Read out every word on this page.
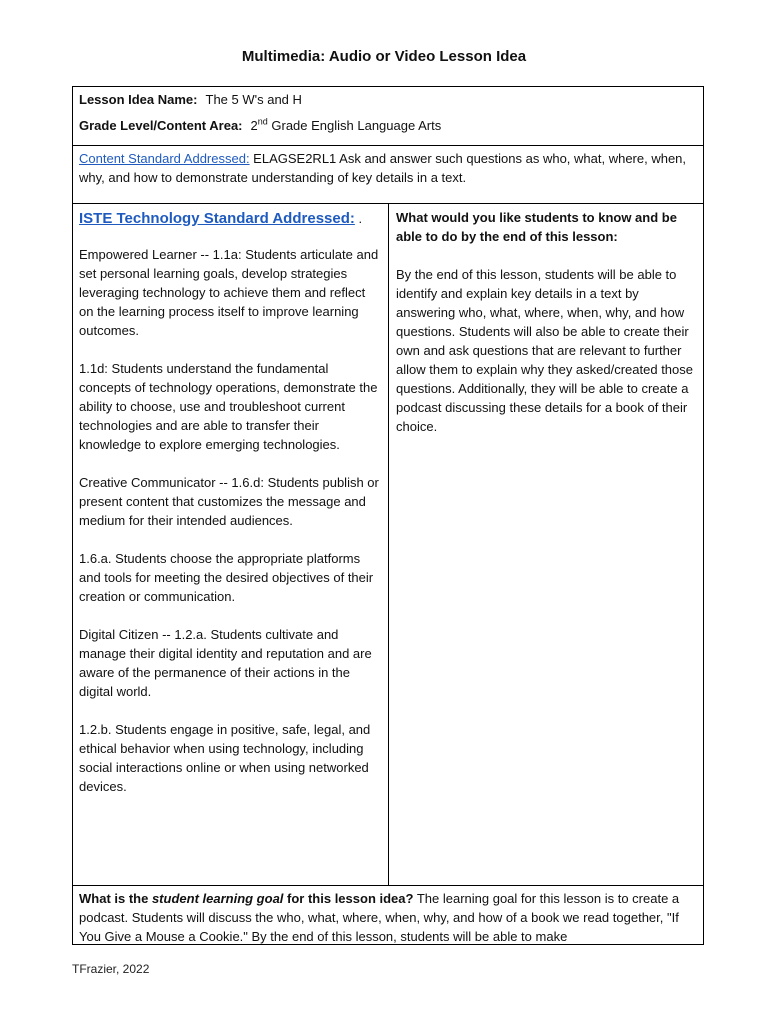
Multimedia: Audio or Video Lesson Idea

Lesson Idea Name: The 5 W's and H

Grade Level/Content Area: 2nd Grade English Language Arts

Content Standard Addressed: ELAGSE2RL1 Ask and answer such questions as who, what, where, when, why, and how to demonstrate understanding of key details in a text.

ISTE Technology Standard Addressed: .

Empowered Learner -- 1.1a: Students articulate and set personal learning goals, develop strategies leveraging technology to achieve them and reflect on the learning process itself to improve learning outcomes.

1.1d: Students understand the fundamental concepts of technology operations, demonstrate the ability to choose, use and troubleshoot current technologies and are able to transfer their knowledge to explore emerging technologies.

Creative Communicator -- 1.6.d: Students publish or present content that customizes the message and medium for their intended audiences.

1.6.a. Students choose the appropriate platforms and tools for meeting the desired objectives of their creation or communication.

Digital Citizen -- 1.2.a. Students cultivate and manage their digital identity and reputation and are aware of the permanence of their actions in the digital world.

1.2.b. Students engage in positive, safe, legal, and ethical behavior when using technology, including social interactions online or when using networked devices.

What would you like students to know and be able to do by the end of this lesson:

By the end of this lesson, students will be able to identify and explain key details in a text by answering who, what, where, when, why, and how questions. Students will also be able to create their own and ask questions that are relevant to further allow them to explain why they asked/created those questions. Additionally, they will be able to create a podcast discussing these details for a book of their choice.

What is the student learning goal for this lesson idea? The learning goal for this lesson is to create a podcast. Students will discuss the who, what, where, when, why, and how of a book we read together, "If You Give a Mouse a Cookie." By the end of this lesson, students will be able to make

TFrazier, 2022
